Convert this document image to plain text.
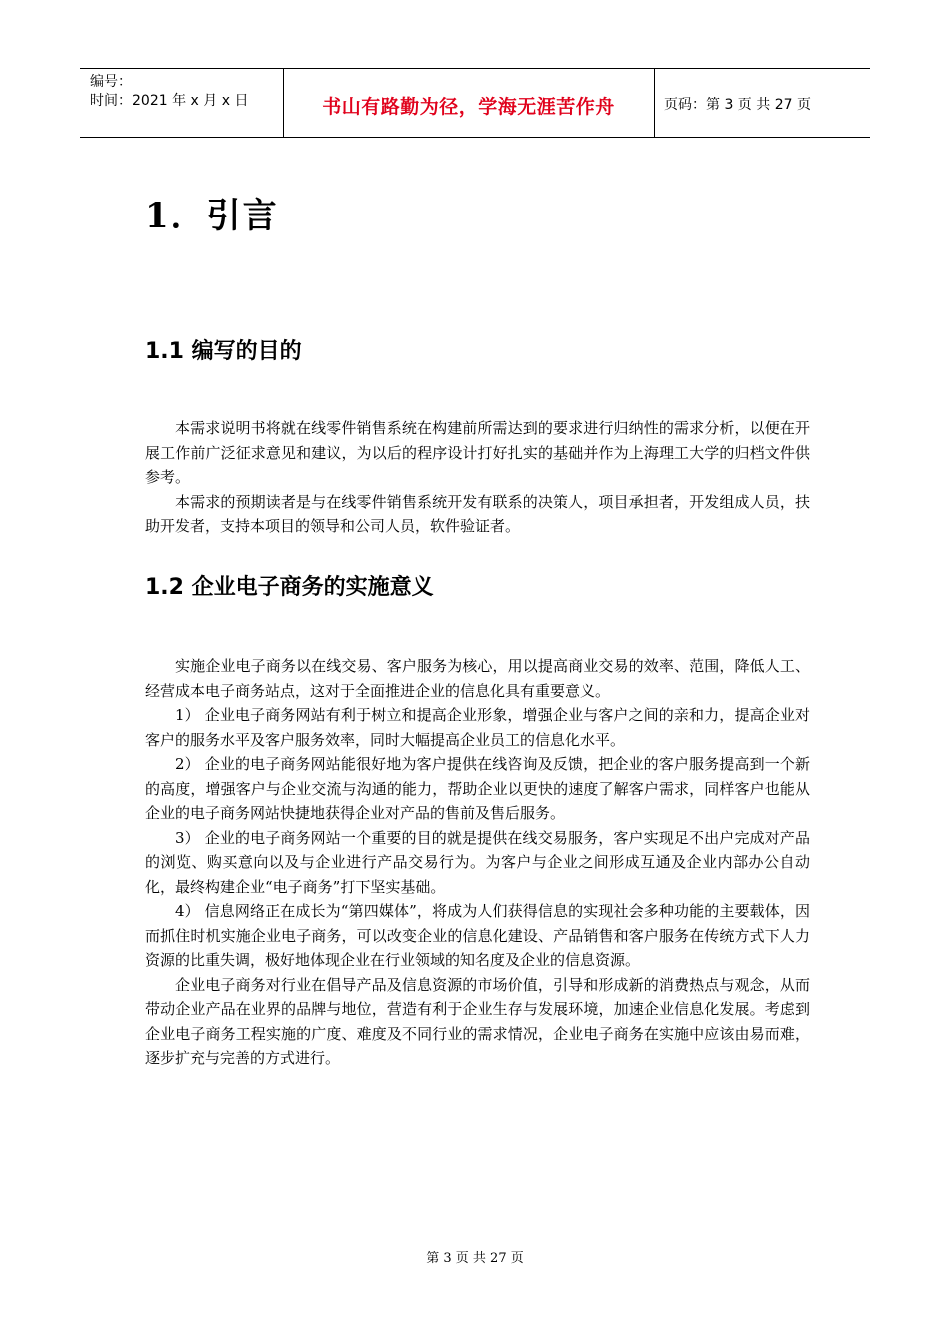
编号：
时间：2021 年 x 月 x 日	书山有路勤为径，学海无涯苦作舟	页码：第 3 页 共 27 页
1．引言
1.1 编写的目的

本需求说明书将就在线零件销售系统在构建前所需达到的要求进行归纳性的需求分析，以便在开展工作前广泛征求意见和建议，为以后的程序设计打好扎实的基础并作为上海理工大学的归档文件供参考。

本需求的预期读者是与在线零件销售系统开发有联系的决策人，项目承担者，开发组成人员，扶助开发者，支持本项目的领导和公司人员，软件验证者。

1.2 企业电子商务的实施意义

实施企业电子商务以在线交易、客户服务为核心，用以提高商业交易的效率、范围，降低人工、经营成本电子商务站点，这对于全面推进企业的信息化具有重要意义。

1） 企业电子商务网站有利于树立和提高企业形象，增强企业与客户之间的亲和力，提高企业对客户的服务水平及客户服务效率，同时大幅提高企业员工的信息化水平。

2） 企业的电子商务网站能很好地为客户提供在线咨询及反馈，把企业的客户服务提高到一个新的高度，增强客户与企业交流与沟通的能力，帮助企业以更快的速度了解客户需求，同样客户也能从企业的电子商务网站快捷地获得企业对产品的售前及售后服务。

3） 企业的电子商务网站一个重要的目的就是提供在线交易服务，客户实现足不出户完成对产品的浏览、购买意向以及与企业进行产品交易行为。为客户与企业之间形成互通及企业内部办公自动化，最终构建企业“电子商务”打下坚实基础。

4） 信息网络正在成长为“第四媒体”，将成为人们获得信息的实现社会多种功能的主要载体，因而抓住时机实施企业电子商务，可以改变企业的信息化建设、产品销售和客户服务在传统方式下人力资源的比重失调，极好地体现企业在行业领域的知名度及企业的信息资源。

企业电子商务对行业在倡导产品及信息资源的市场价值，引导和形成新的消费热点与观念，从而带动企业产品在业界的品牌与地位，营造有利于企业生存与发展环境，加速企业信息化发展。考虑到企业电子商务工程实施的广度、难度及不同行业的需求情况，企业电子商务在实施中应该由易而难，逐步扩充与完善的方式进行。

第 3 页 共 27 页
